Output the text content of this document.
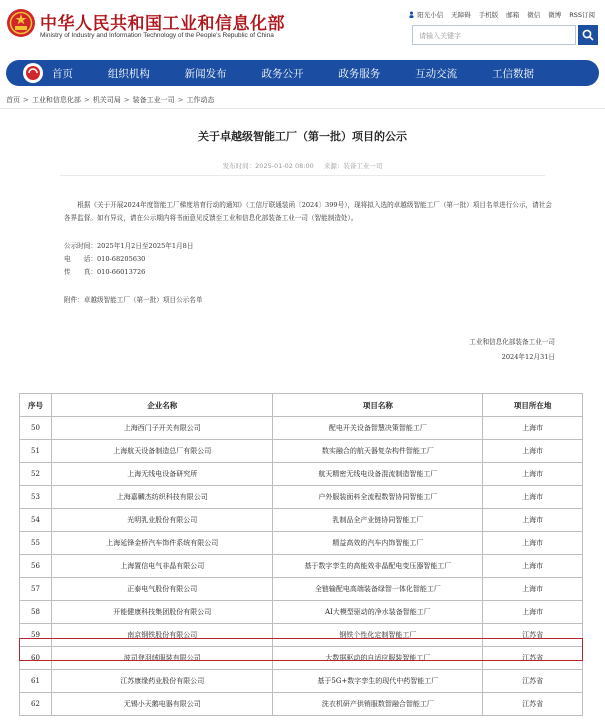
中华人民共和国工业和信息化部
Ministry of Industry and Information Technology of the People's Republic of China
阳光小信	无障碍	手机版	邮箱	微信	微博	RSS订阅
请输入关键字
首页	组织机构	新闻发布	政务公开	政务服务	互动交流	工信数据
首页 > 工业和信息化部 > 机关司局 > 装备工业一司 > 工作动态
关于卓越级智能工厂（第一批）项目的公示
发布时间：2025-01-02 08:00 来源：装备工业一司

根据《关于开展2024年度智能工厂梯度培育行动的通知》（工信厅联通装函〔2024〕399号），现将拟入选的卓越级智能工厂（第一批）项目名单进行公示，请社会各界监督。如有异议，请在公示期内将书面意见反馈至工业和信息化部装备工业一司（智能制造处）。

公示时间：2025年1月2日至2025年1月8日
电　　话：010-68205630
传　　真：010-66013726
附件：卓越级智能工厂（第一批）项目公示名单
工业和信息化部装备工业一司
2024年12月31日
序号	企业名称	项目名称	项目所在地
50	上海西门子开关有限公司	配电开关设备智慧决策智能工厂	上海市
51	上海航天设备制造总厂有限公司	数实融合的航天器复杂构件智能工厂	上海市
52	上海无线电设备研究所	航天精密无线电设备混流制造智能工厂	上海市
53	上海嘉麟杰纺织科技有限公司	户外服装面料全流程数智协同智能工厂	上海市
54	光明乳业股份有限公司	乳制品全产业链协同智能工厂	上海市
55	上海延锋金桥汽车饰件系统有限公司	精益高效的汽车内饰智能工厂	上海市
56	上海置信电气非晶有限公司	基于数字孪生的高能效非晶配电变压器智能工厂	上海市
57	正泰电气股份有限公司	全链输配电高端装备绿智一体化智能工厂	上海市
58	开能健康科技集团股份有限公司	AI大模型驱动的净水装备智能工厂	上海市
59	南京钢铁股份有限公司	钢铁个性化定制智能工厂	江苏省
60	波司登羽绒服装有限公司	大数据驱动的自适应服装智能工厂	江苏省
61	江苏康缘药业股份有限公司	基于5G+数字孪生的现代中药智能工厂	江苏省
62	无锡小天鹅电器有限公司	洗衣机研产供销服数智融合智能工厂	江苏省
